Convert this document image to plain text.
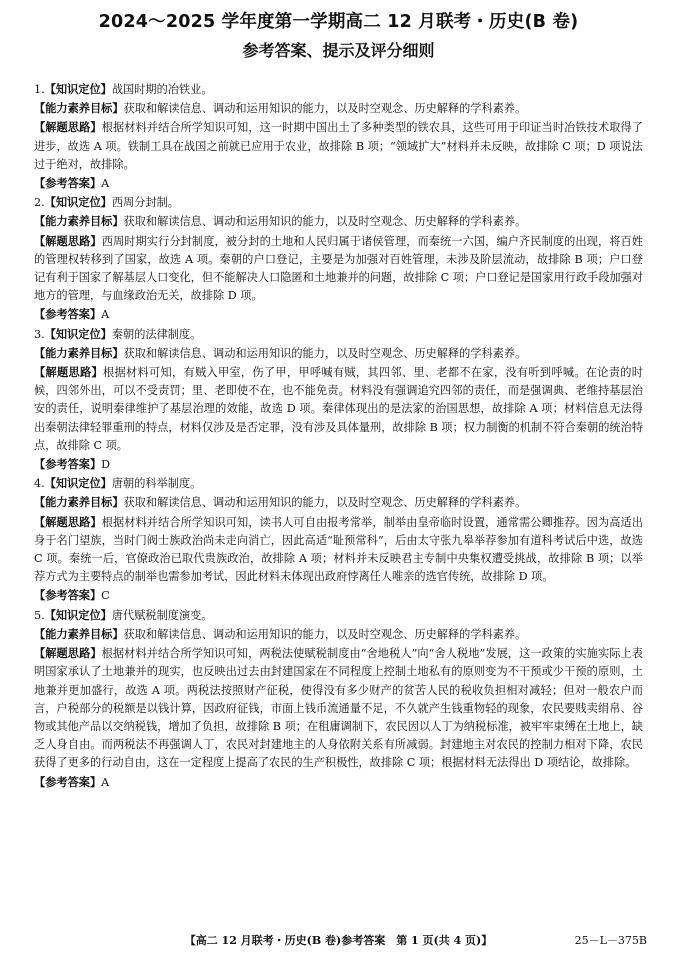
2024～2025 学年度第一学期高二 12 月联考・历史(B 卷)
参考答案、提示及评分细则
1.【知识定位】战国时期的冶铁业。
【能力素养目标】获取和解读信息、调动和运用知识的能力，以及时空观念、历史解释的学科素养。
【解题思路】根据材料并结合所学知识可知，这一时期中国出土了多种类型的铁农具，这些可用于印证当时冶铁技术取得了进步，故选 A 项。铁制工具在战国之前就已应用于农业，故排除 B 项；“领域扩大”材料并未反映，故排除 C 项；D 项说法过于绝对，故排除。
【参考答案】A
2.【知识定位】西周分封制。
【能力素养目标】获取和解读信息、调动和运用知识的能力，以及时空观念、历史解释的学科素养。
【解题思路】西周时期实行分封制度，被分封的土地和人民归属于诸侯管理，而秦统一六国，编户齐民制度的出现，将百姓的管理权转移到了国家，故选 A 项。秦朝的户口登记，主要是为加强对百姓管理，未涉及阶层流动，故排除 B 项；户口登记有利于国家了解基层人口变化，但不能解决人口隐匿和土地兼并的问题，故排除 C 项；户口登记是国家用行政手段加强对地方的管理，与血缘政治无关，故排除 D 项。
【参考答案】A
3.【知识定位】秦朝的法律制度。
【能力素养目标】获取和解读信息、调动和运用知识的能力，以及时空观念、历史解释的学科素养。
【解题思路】根据材料可知，有贼入甲室，伤了甲，甲呼喊有贼，其四邻、里、老都不在家，没有听到呼喊。在论责的时候，四邻外出，可以不受责罚；里、老即使不在，也不能免责。材料没有强调追究四邻的责任，而是强调典、老维持基层治安的责任，说明秦律维护了基层治理的效能，故选 D 项。秦律体现出的是法家的治国思想，故排除 A 项；材料信息无法得出秦朝法律轻罪重刑的特点，材料仅涉及是否定罪，没有涉及具体量刑，故排除 B 项；权力制衡的机制不符合秦朝的统治特点，故排除 C 项。
【参考答案】D
4.【知识定位】唐朝的科举制度。
【能力素养目标】获取和解读信息、调动和运用知识的能力，以及时空观念、历史解释的学科素养。
【解题思路】根据材料并结合所学知识可知，读书人可自由报考常举，制举由皇帝临时设置，通常需公卿推荐。因为高适出身于名门望族，当时门阀士族政治尚未走向消亡，因此高适“耻预常科”，后由太守张九皋举荐参加有道科考试后中选，故选 C 项。秦统一后，官僚政治已取代贵族政治，故排除 A 项；材料并未反映君主专制中央集权遭受挑战，故排除 B 项；以举荐方式为主要特点的制举也需参加考试，因此材料未体现出政府悖离任人唯亲的选官传统，故排除 D 项。
【参考答案】C
5.【知识定位】唐代赋税制度演变。
【能力素养目标】获取和解读信息、调动和运用知识的能力，以及时空观念、历史解释的学科素养。
【解题思路】根据材料并结合所学知识可知，两税法使赋税制度由“舍地税人”向“舍人税地”发展，这一政策的实施实际上表明国家承认了土地兼并的现实，也反映出过去由封建国家在不同程度上控制土地私有的原则变为不干预或少干预的原则，土地兼并更加盛行，故选 A 项。两税法按照财产征税，使得没有多少财产的贫苦人民的税收负担相对减轻；但对一般农户而言，户税部分的税额是以钱计算，因政府征钱，市面上钱币流通量不足，不久就产生钱重物轻的现象，农民要贱卖绢帛、谷物或其他产品以交纳税钱，增加了负担，故排除 B 项；在租庸调制下，农民因以人丁为纳税标准，被牢牢束缚在土地上，缺乏人身自由。而两税法不再强调人丁，农民对封建地主的人身依附关系有所减弱。封建地主对农民的控制力相对下降，农民获得了更多的行动自由，这在一定程度上提高了农民的生产积极性，故排除 C 项；根据材料无法得出 D 项结论，故排除。
【参考答案】A
【高二 12 月联考・历史(B 卷)参考答案　第 1 页(共 4 页)】	25－L－375B
